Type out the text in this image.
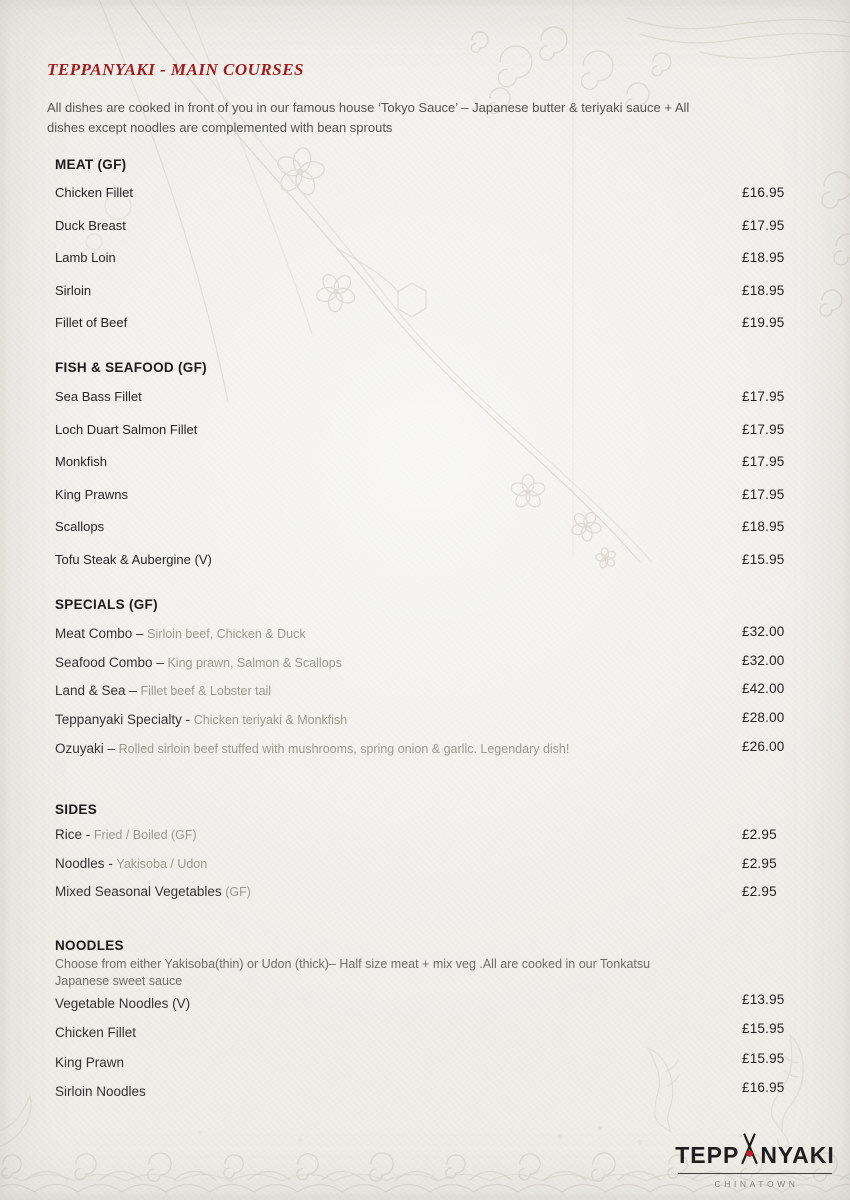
TEPPANYAKI - MAIN COURSES
All dishes are cooked in front of you in our famous house ‘Tokyo Sauce’ – Japanese butter & teriyaki sauce + All dishes except noodles are complemented with bean sprouts
MEAT (GF)
Chicken Fillet	£16.95
Duck Breast	£17.95
Lamb Loin	£18.95
Sirloin	£18.95
Fillet of Beef	£19.95
FISH & SEAFOOD (GF)
Sea Bass Fillet	£17.95
Loch Duart Salmon Fillet	£17.95
Monkfish	£17.95
King Prawns	£17.95
Scallops	£18.95
Tofu Steak & Aubergine (V)	£15.95
SPECIALS (GF)
Meat Combo – Sirloin beef, Chicken & Duck	£32.00
Seafood Combo – King prawn, Salmon & Scallops	£32.00
Land & Sea – Fillet beef & Lobster tail	£42.00
Teppanyaki Specialty - Chicken teriyaki & Monkfish	£28.00
Ozuyaki – Rolled sirloin beef stuffed with mushrooms, spring onion & garlic. Legendary dish!	£26.00
SIDES
Rice - Fried / Boiled (GF)	£2.95
Noodles - Yakisoba / Udon	£2.95
Mixed Seasonal Vegetables (GF)	£2.95
NOODLES
Choose from either Yakisoba(thin) or Udon (thick)– Half size meat + mix veg .All are cooked in our Tonkatsu Japanese sweet sauce
Vegetable Noodles (V)	£13.95
Chicken Fillet	£15.95
King Prawn	£15.95
Sirloin Noodles	£16.95
TEPP NYAKI
CHINATOWN
